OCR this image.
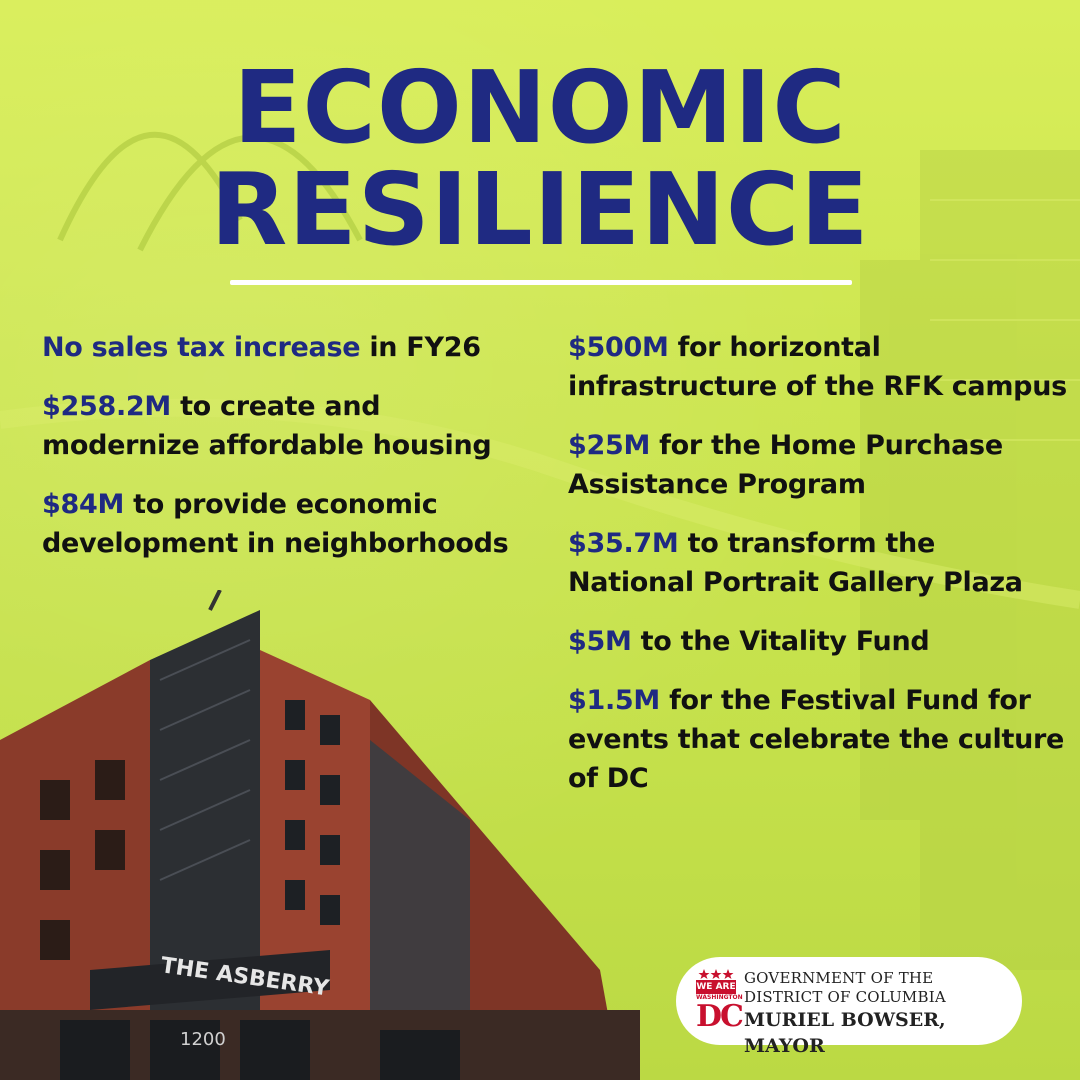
ECONOMIC
RESILIENCE
No sales tax increase in FY26
$258.2M to create and modernize affordable housing
$84M to provide economic development in neighborhoods
$500M for horizontal infrastructure of the RFK campus
$25M for the Home Purchase Assistance Program
$35.7M to transform the National Portrait Gallery Plaza
$5M to the Vitality Fund
$1.5M for the Festival Fund for events that celebrate the culture of DC
THE ASBERRY
1200
WE ARE
WASHINGTON
DC
GOVERNMENT OF THE
DISTRICT OF COLUMBIA
MURIEL BOWSER, MAYOR
